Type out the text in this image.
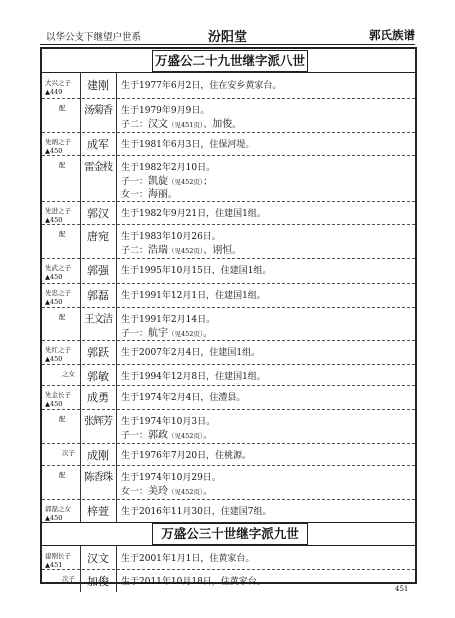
以华公支下继望户世系	汾阳堂	郭氏族谱
万盛公二十九世继字派八世
大兴之子
▲449	建刚	生于1977年6月2日，住在安乡黄家台。
配	汤菊香	生于1979年9月9日。
子二：汉文（见451页）、加俊。
先炳之子
▲450	成军	生于1981年6月3日，住保河堤。
配	雷金枝	生于1982年2月10日。
子一：凯旋（见452页）；
女一：海丽。
先进之子
▲450	郭汉	生于1982年9月21日，住建国1组。
配	唐宛	生于1983年10月26日。
子二：浩瑞（见452页）、诩恒。
先武之子
▲450	郭强	生于1995年10月15日，住建国1组。
先忠之子
▲450	郭磊	生于1991年12月1日，住建国1组。
配	王文洁	生于1991年2月14日。
子一：航宇（见452页）。
先红之子
▲450	郭跃	生于2007年2月4日，住建国1组。
之女	郭敏	生于1994年12月8日，住建国1组。
先金长子
▲450	成勇	生于1974年2月4日，住澧县。
配	张辉芳	生于1974年10月3日。
子一：郭政（见452页）。
次子	成刚	生于1976年7月20日，住桃源。
配	陈香珠	生于1974年10月29日。
女一：美玲（见452页）。
郭磊之女
▲450	梓萱	生于2016年11月30日，住建国7组。
万盛公三十世继字派九世
建刚长子
▲451	汉文	生于2001年1月1日，住黄家台。
次子	加俊	生于2011年10月18日，住黄家台。
451
